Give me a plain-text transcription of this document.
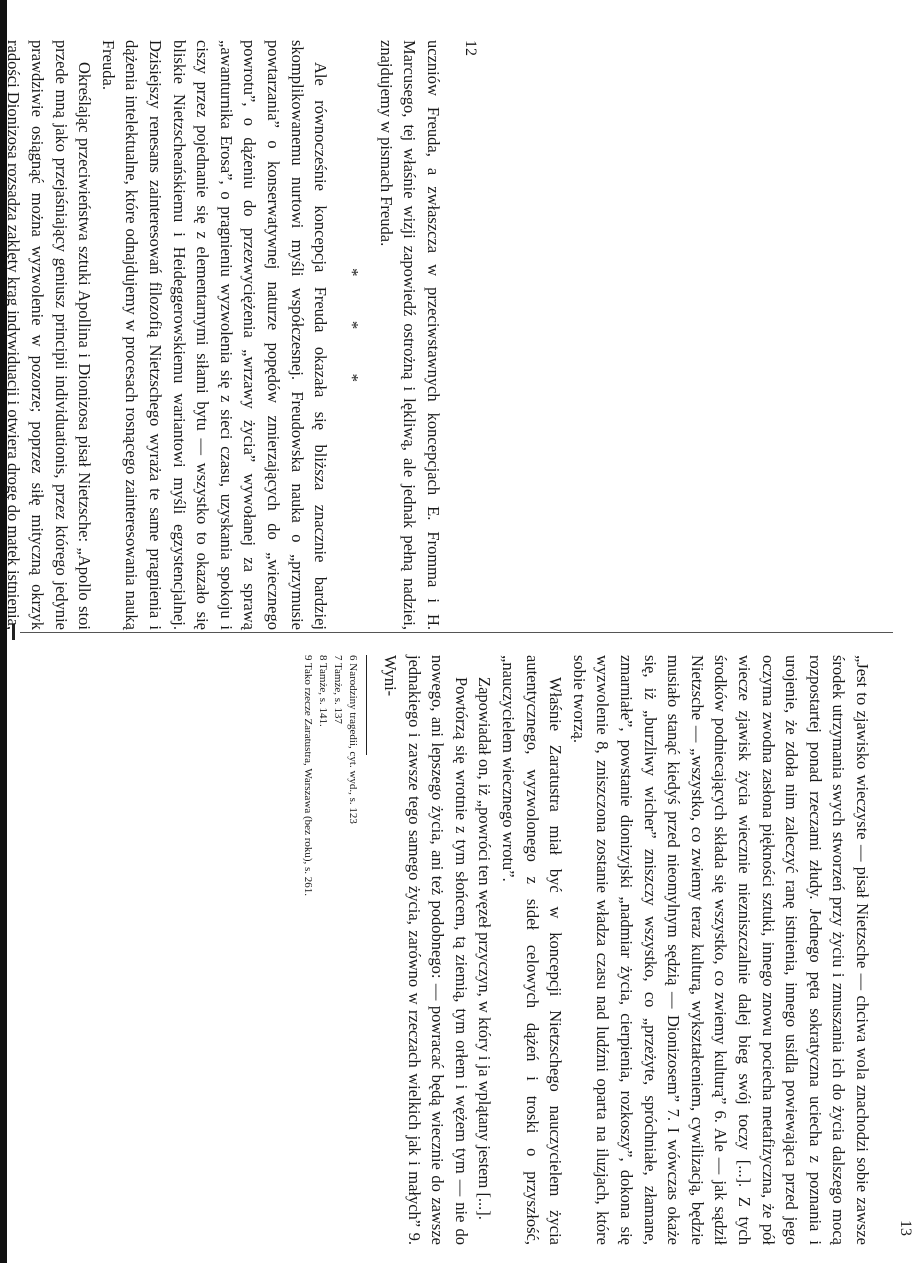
uczniów Freuda, a zwłaszcza w przeciwstawnych koncepcjach E. Fromma i H. Marcusego, tej właśnie wizji zapowiedź ostrożną i lękliwą, ale jednak pełną nadziei, znajdujemy w pismach Freuda.

* * *

Ale równocześnie koncepcja Freuda okazała się bliższa znacznie bardziej skomplikowanemu nurtowi myśli współczesnej. Freudowska nauka o „przymusie powtarzania” o konserwatywnej naturze popędów zmierzających do „wiecznego powrotu”, o dążeniu do przezwyciężenia „wrzawy życia” wywołanej za sprawą „awanturnika Erosa”, o pragnieniu wyzwolenia się z sieci czasu, uzyskania spokoju i ciszy przez pojednanie się z elementarnymi siłami bytu — wszystko to okazało się bliskie Nietzscheańskiemu i Heideggerowskiemu wariantowi myśli egzystencjalnej. Dzisiejszy renesans zainteresowań filozofią Nietzschego wyraża te same pragnienia i dążenia intelektualne, które odnajdujemy w procesach rosnącego zainteresowania nauką Freuda.

Określając przeciwieństwa sztuki Apollina i Dionizosa pisał Nietzsche: „Apollo stoi przede mną jako przejaśniający geniusz principii individuationis, przez którego jedynie prawdziwie osiągnąć można wyzwolenie w pozorze; poprzez siłę mityczną okrzyk radości Dionizosa rozsadza zaklęty krąg indywiduacji i otwiera drogę do matek istnienia,

12

„Jest to zjawisko wieczyste — pisał Nietzsche — chciwa wola znachodzi sobie zawsze środek utrzymania swych stworzeń przy życiu i zmuszania ich do życia dalszego mocą rozpostartej ponad rzeczami złudy. Jednego pęta sokratyczna uciecha z poznania i urojenie, że zdoła nim zaleczyć ranę istnienia, innego usidla powiewająca przed jego oczyma zwodna zasłona piękności sztuki, innego znowu pociecha metafizyczna, że pół wiecze zjawisk życia wiecznie niezniszczalnie dalej bieg swój toczy [...]. Z tych środków podniecających składa się wszystko, co zwiemy kulturą” 6. Ale — jak sądził Nietzsche — „wszystko, co zwiemy teraz kulturą, wykształceniem, cywilizacją, będzie musiało stanąć kiedyś przed nieomylnym sędzią — Dionizosem” 7. I wówczas okaże się, iż „burzliwy wicher” zniszczy wszystko, co „przeżyte, spróchniałe, złamane, zmarniałe”, powstanie dionizyjski „nadmiar życia, cierpienia, rozkoszy”, dokona się wyzwolenie 8, zniszczona zostanie władza czasu nad ludźmi oparta na iluzjach, które sobie tworzą.

Właśnie Zaratustra miał być w koncepcji Nietzschego nauczycielem życia autentycznego, wyzwolonego z sideł celowych dążeń i troski o przyszłość, „nauczycielem wiecznego wrotu”.

Zapowiadał on, iż „powróci ten węzeł przyczyn, w który i ja wplątany jestem [...].

Powtórzą się wrotnie z tym słońcem, tą ziemią, tym orłem i wężem tym — nie do nowego, ani lepszego życia, ani też podobnego: — powracać będą wiecznie do zawsze jednakiego i zawsze tego samego życia, zarówno w rzeczach wielkich jak i małych” 9. Wyni-

6 Narodziny tragedii, cyt. wyd., s. 123

7 Tamże, s. 137

8 Tamże, s. 141.

9 Tako rzecze Zaratustra, Warszawa (bez roku), s. 261.

13
